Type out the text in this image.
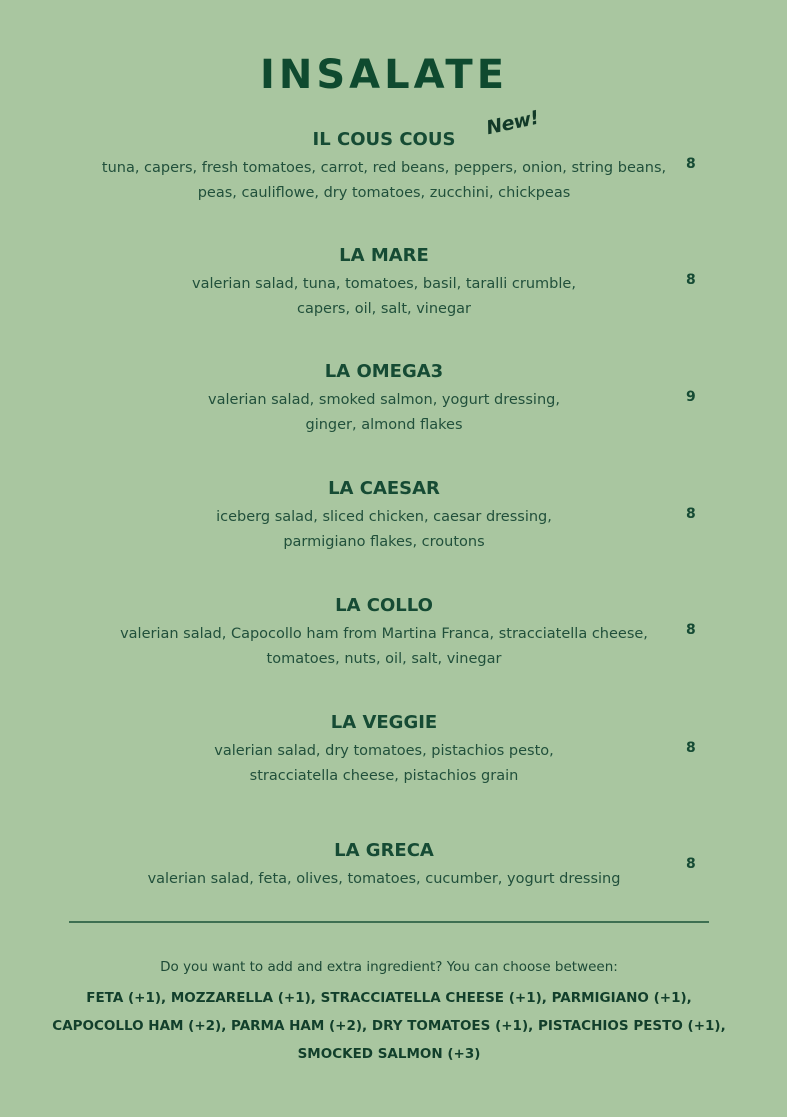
INSALATE
New!
IL COUS COUS
tuna, capers, fresh tomatoes, carrot, red beans, peppers, onion, string beans,
peas, cauliflowe, dry tomatoes, zucchini, chickpeas
8
LA MARE
valerian salad, tuna, tomatoes, basil, taralli crumble,
capers, oil, salt, vinegar
8
LA OMEGA3
valerian salad, smoked salmon, yogurt dressing,
ginger, almond flakes
9
LA CAESAR
iceberg salad, sliced chicken, caesar dressing,
parmigiano flakes, croutons
8
LA COLLO
valerian salad, Capocollo ham from Martina Franca, stracciatella cheese,
tomatoes, nuts, oil, salt, vinegar
8
LA VEGGIE
valerian salad, dry tomatoes, pistachios pesto,
stracciatella cheese, pistachios grain
8
LA GRECA
valerian salad, feta, olives, tomatoes, cucumber, yogurt dressing
8
Do you want to add and extra ingredient? You can choose between:
FETA (+1), MOZZARELLA (+1), STRACCIATELLA CHEESE (+1), PARMIGIANO (+1),
CAPOCOLLO HAM (+2), PARMA HAM (+2), DRY TOMATOES (+1), PISTACHIOS PESTO (+1),
SMOCKED SALMON (+3)
